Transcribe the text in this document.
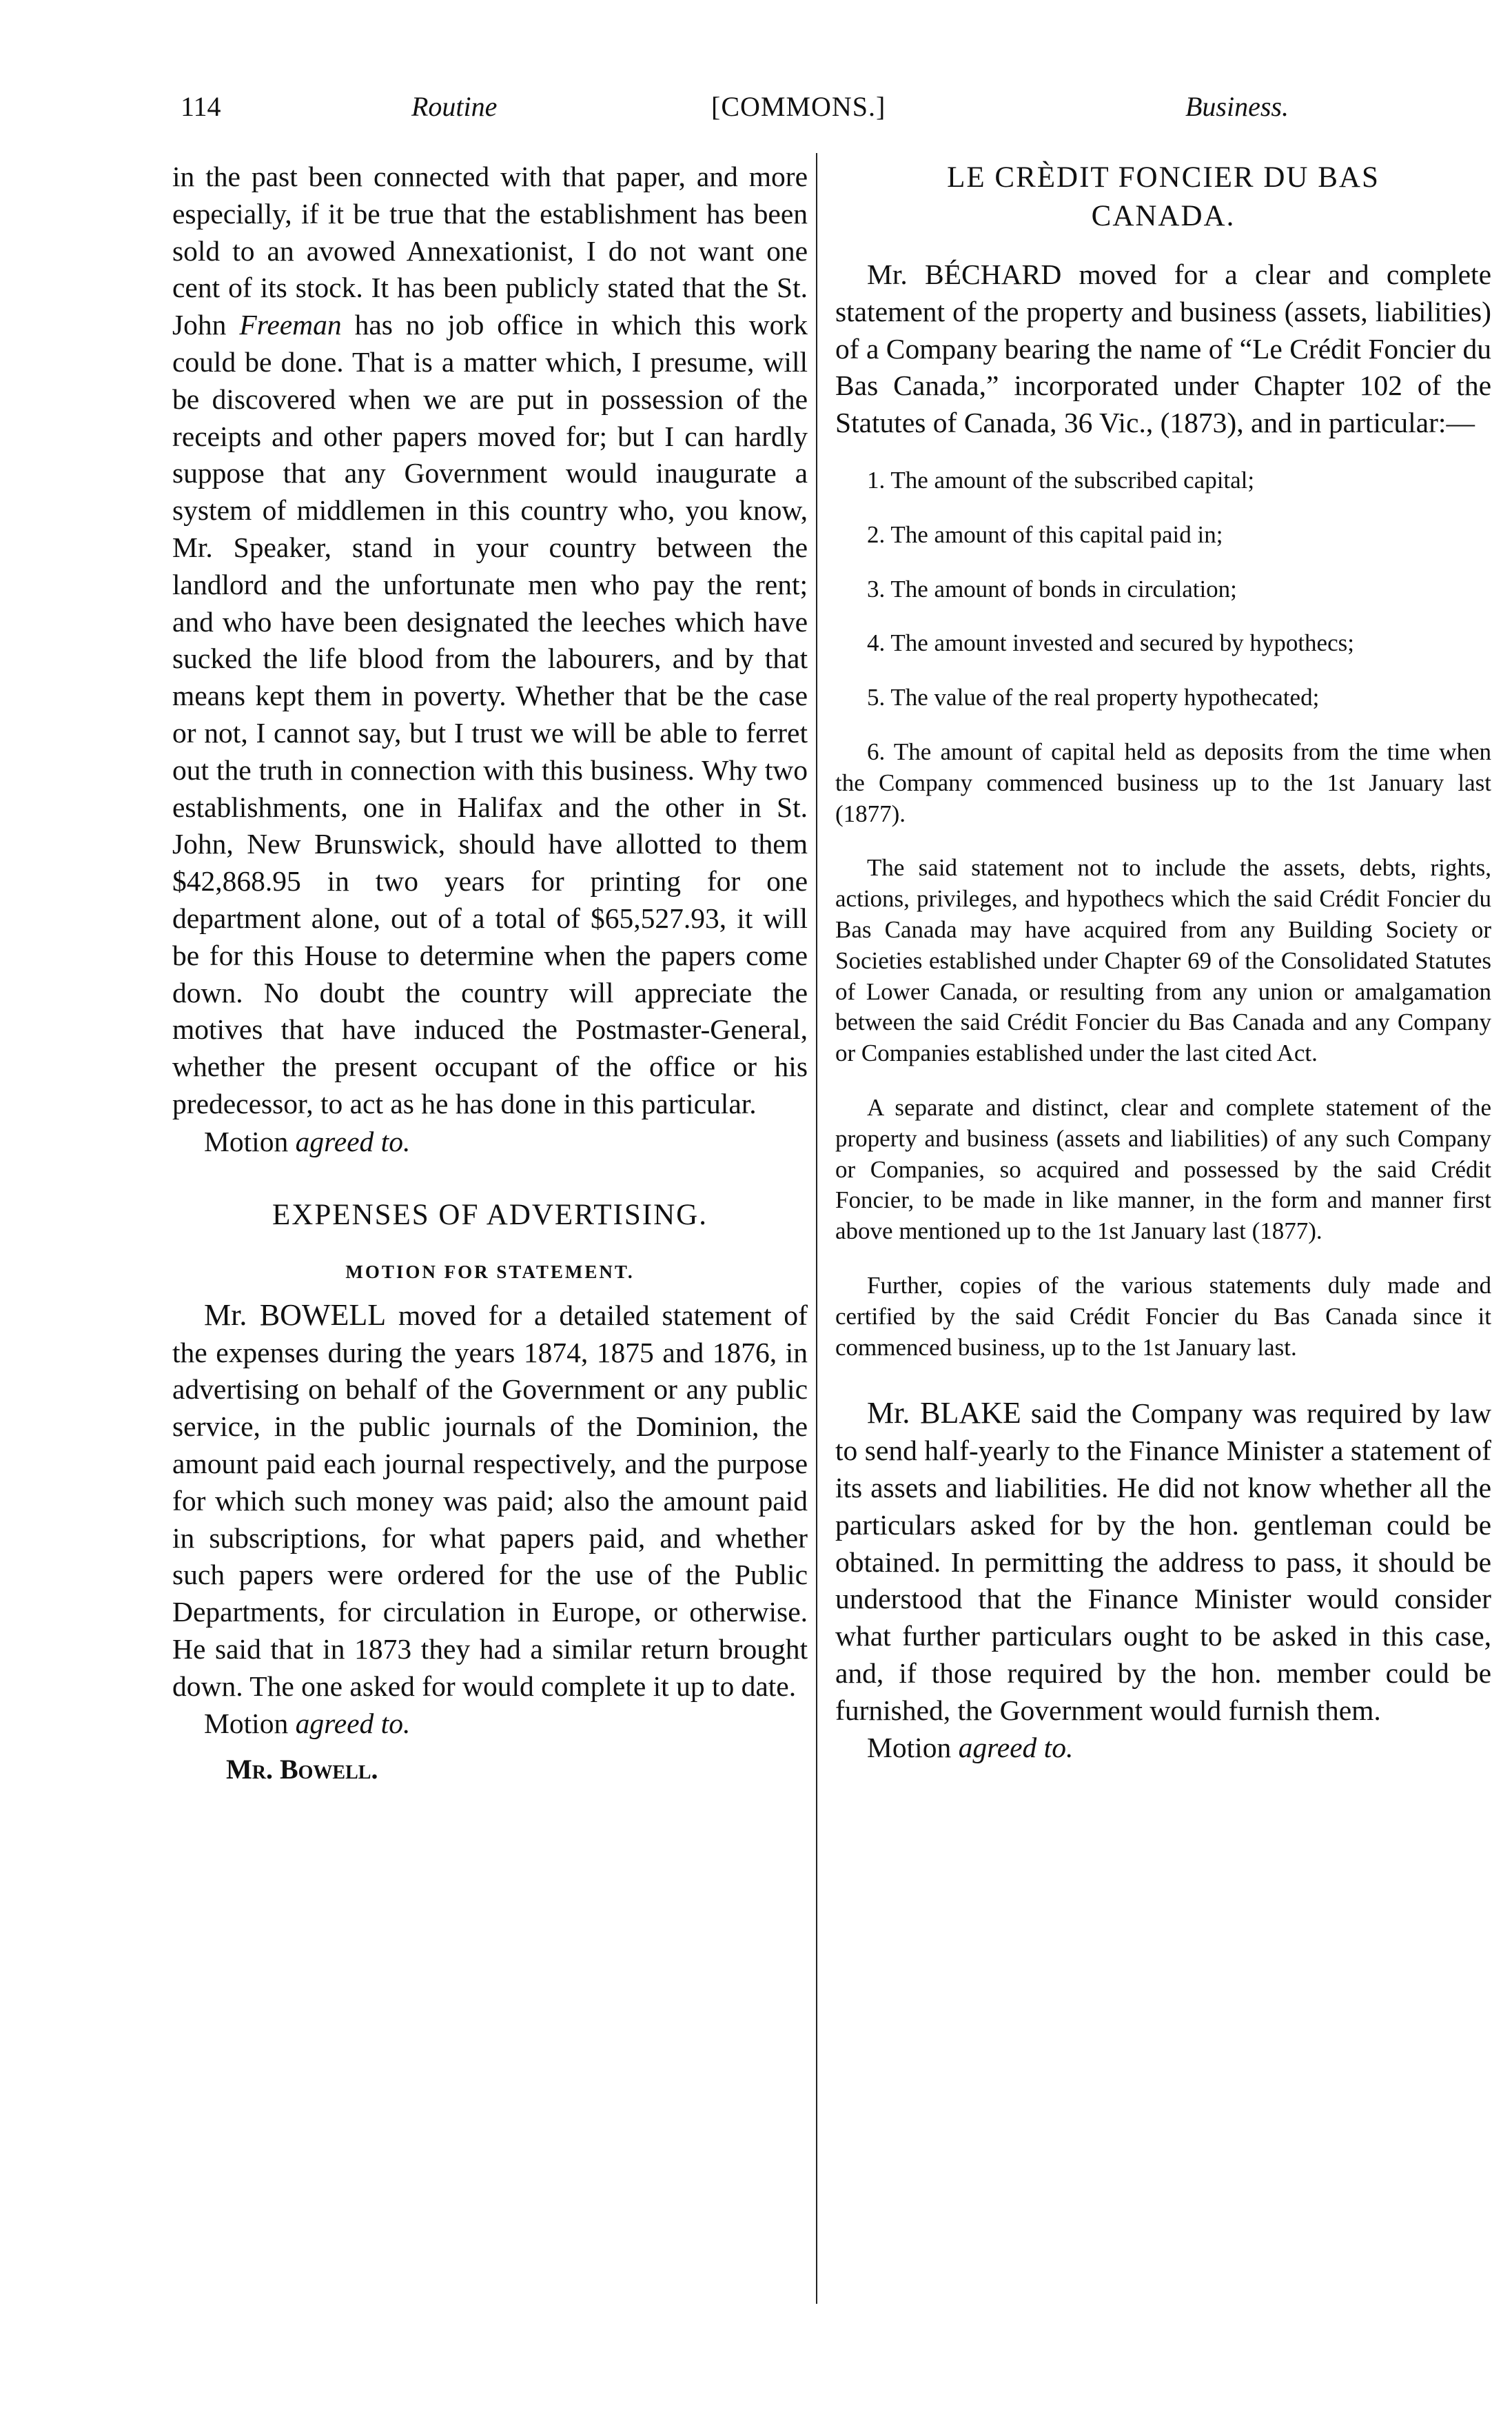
114	Routine	[COMMONS.]	Business.

in the past been connected with that paper, and more especially, if it be true that the establishment has been sold to an avowed Annexationist, I do not want one cent of its stock. It has been publicly stated that the St. John Freeman has no job office in which this work could be done. That is a matter which, I presume, will be discovered when we are put in possession of the receipts and other papers moved for; but I can hardly suppose that any Government would inaugurate a system of middlemen in this country who, you know, Mr. Speaker, stand in your country between the landlord and the unfortunate men who pay the rent; and who have been designated the leeches which have sucked the life blood from the labourers, and by that means kept them in poverty. Whether that be the case or not, I cannot say, but I trust we will be able to ferret out the truth in connection with this business. Why two establishments, one in Halifax and the other in St. John, New Brunswick, should have allotted to them $42,868.95 in two years for printing for one department alone, out of a total of $65,527.93, it will be for this House to determine when the papers come down. No doubt the country will appreciate the motives that have induced the Postmaster-General, whether the present occupant of the office or his predecessor, to act as he has done in this particular.

Motion agreed to.

EXPENSES OF ADVERTISING.

MOTION FOR STATEMENT.

Mr. BOWELL moved for a detailed statement of the expenses during the years 1874, 1875 and 1876, in advertising on behalf of the Government or any public service, in the public journals of the Dominion, the amount paid each journal respectively, and the purpose for which such money was paid; also the amount paid in subscriptions, for what papers paid, and whether such papers were ordered for the use of the Public Departments, for circulation in Europe, or otherwise. He said that in 1873 they had a similar return brought down. The one asked for would complete it up to date.

Motion agreed to.

Mr. Bowell.

LE CRÈDIT FONCIER DU BAS

CANADA.

Mr. BÉCHARD moved for a clear and complete statement of the property and business (assets, liabilities) of a Company bearing the name of “Le Crédit Foncier du Bas Canada,” incorporated under Chapter 102 of the Statutes of Canada, 36 Vic., (1873), and in particular:—

1. The amount of the subscribed capital;

2. The amount of this capital paid in;

3. The amount of bonds in circulation;

4. The amount invested and secured by hypothecs;

5. The value of the real property hypothecated;

6. The amount of capital held as deposits from the time when the Company commenced business up to the 1st January last (1877).

The said statement not to include the assets, debts, rights, actions, privileges, and hypothecs which the said Crédit Foncier du Bas Canada may have acquired from any Building Society or Societies established under Chapter 69 of the Consolidated Statutes of Lower Canada, or resulting from any union or amalgamation between the said Crédit Foncier du Bas Canada and any Company or Companies established under the last cited Act.

A separate and distinct, clear and complete statement of the property and business (assets and liabilities) of any such Company or Companies, so acquired and possessed by the said Crédit Foncier, to be made in like manner, in the form and manner first above mentioned up to the 1st January last (1877).

Further, copies of the various statements duly made and certified by the said Crédit Foncier du Bas Canada since it commenced business, up to the 1st January last.

Mr. BLAKE said the Company was required by law to send half-yearly to the Finance Minister a statement of its assets and liabilities. He did not know whether all the particulars asked for by the hon. gentleman could be obtained. In permitting the address to pass, it should be understood that the Finance Minister would consider what further particulars ought to be asked in this case, and, if those required by the hon. member could be furnished, the Government would furnish them.

Motion agreed to.
